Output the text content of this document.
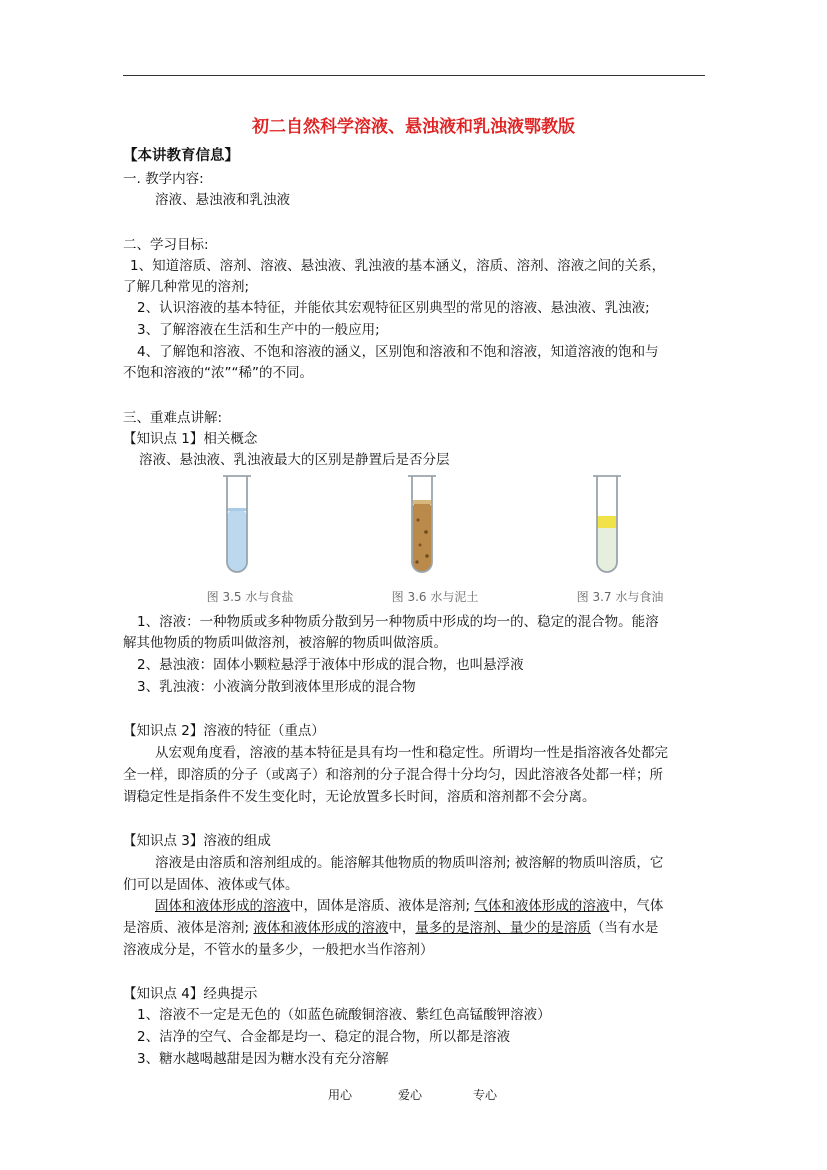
初二自然科学溶液、悬浊液和乳浊液鄂教版
【本讲教育信息】
一. 教学内容:
溶液、悬浊液和乳浊液
二、学习目标:
1、知道溶质、溶剂、溶液、悬浊液、乳浊液的基本涵义，溶质、溶剂、溶液之间的关系，
了解几种常见的溶剂;
2、认识溶液的基本特征，并能依其宏观特征区别典型的常见的溶液、悬浊液、乳浊液;
3、了解溶液在生活和生产中的一般应用;
4、了解饱和溶液、不饱和溶液的涵义，区别饱和溶液和不饱和溶液，知道溶液的饱和与
不饱和溶液的“浓”“稀”的不同。
三、重难点讲解:
【知识点 1】相关概念
溶液、悬浊液、乳浊液最大的区别是静置后是否分层
图 3.5 水与食盐	图 3.6 水与泥土	图 3.7 水与食油
1、溶液：一种物质或多种物质分散到另一种物质中形成的均一的、稳定的混合物。能溶
解其他物质的物质叫做溶剂，被溶解的物质叫做溶质。
2、悬浊液：固体小颗粒悬浮于液体中形成的混合物，也叫悬浮液
3、乳浊液：小液滴分散到液体里形成的混合物
【知识点 2】溶液的特征（重点）
从宏观角度看，溶液的基本特征是具有均一性和稳定性。所谓均一性是指溶液各处都完
全一样，即溶质的分子（或离子）和溶剂的分子混合得十分均匀，因此溶液各处都一样；所
谓稳定性是指条件不发生变化时，无论放置多长时间，溶质和溶剂都不会分离。
【知识点 3】溶液的组成
溶液是由溶质和溶剂组成的。能溶解其他物质的物质叫溶剂; 被溶解的物质叫溶质，它
们可以是固体、液体或气体。
固体和液体形成的溶液中，固体是溶质、液体是溶剂; 气体和液体形成的溶液中，气体
是溶质、液体是溶剂; 液体和液体形成的溶液中，量多的是溶剂、量少的是溶质（当有水是
溶液成分是，不管水的量多少，一般把水当作溶剂）
【知识点 4】经典提示
1、溶液不一定是无色的（如蓝色硫酸铜溶液、紫红色高锰酸钾溶液）
2、洁净的空气、合金都是均一、稳定的混合物，所以都是溶液
3、糖水越喝越甜是因为糖水没有充分溶解
用心	爱心	专心
